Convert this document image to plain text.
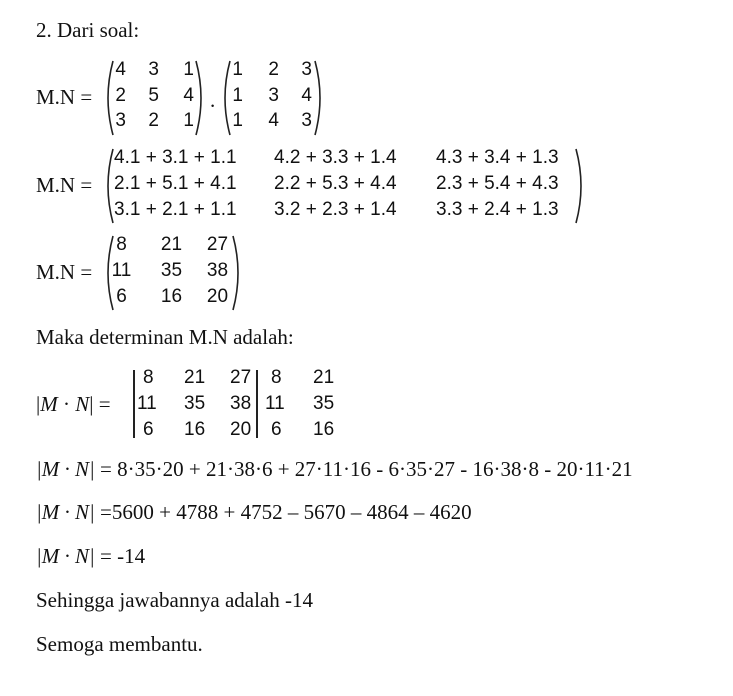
2. Dari soal:
M.N =
4 3 1
2 5 4
3 2 1
.
1 2 3
1 3 4
1 4 3
M.N =
4.1 + 3.1 + 1.1 4.2 + 3.3 + 1.4 4.3 + 3.4 + 1.3
2.1 + 5.1 + 4.1 2.2 + 5.3 + 4.4 2.3 + 5.4 + 4.3
3.1 + 2.1 + 1.1 3.2 + 2.3 + 1.4 3.3 + 2.4 + 1.3
M.N =
8	21 27
11 35 38
6	16 20
Maka determinan M.N adalah:
|M · N| =
8 21 27
11 35 38
6 16 20
8 21
11 35
6 16
|M · N| = 8·35·20 + 21·38·6 + 27·11·16 - 6·35·27 - 16·38·8 - 20·11·21
|M · N| =5600 + 4788 + 4752 – 5670 – 4864 – 4620
|M · N| = -14
Sehingga jawabannya adalah -14
Semoga membantu.
